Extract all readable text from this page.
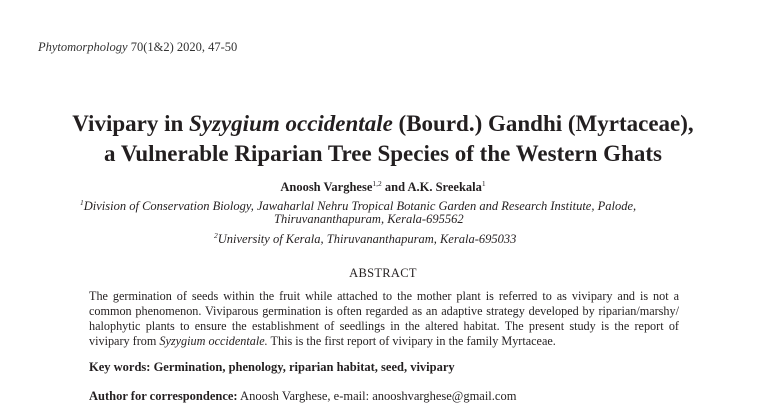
Phytomorphology 70(1&2) 2020, 47-50
Vivipary in Syzygium occidentale (Bourd.) Gandhi (Myrtaceae),
a Vulnerable Riparian Tree Species of the Western Ghats
Anoosh Varghese$^{1,2}$ and A.K. Sreekala$^1$
$^1$Division of Conservation Biology, Jawaharlal Nehru Tropical Botanic Garden and Research Institute, Palode,
Thiruvananthapuram, Kerala-695562
$^2$University of Kerala, Thiruvananthapuram, Kerala-695033
ABSTRACT
The germination of seeds within the fruit while attached to the mother plant is referred to as vivipary and is not a common phenomenon. Viviparous germination is often regarded as an adaptive strategy developed by riparian/marshy/ halophytic plants to ensure the establishment of seedlings in the altered habitat. The present study is the report of vivipary from Syzygium occidentale. This is the first report of vivipary in the family Myrtaceae.
Key words: Germination, phenology, riparian habitat, seed, vivipary
Author for correspondence: Anoosh Varghese, e-mail: anooshvarghese@gmail.com
